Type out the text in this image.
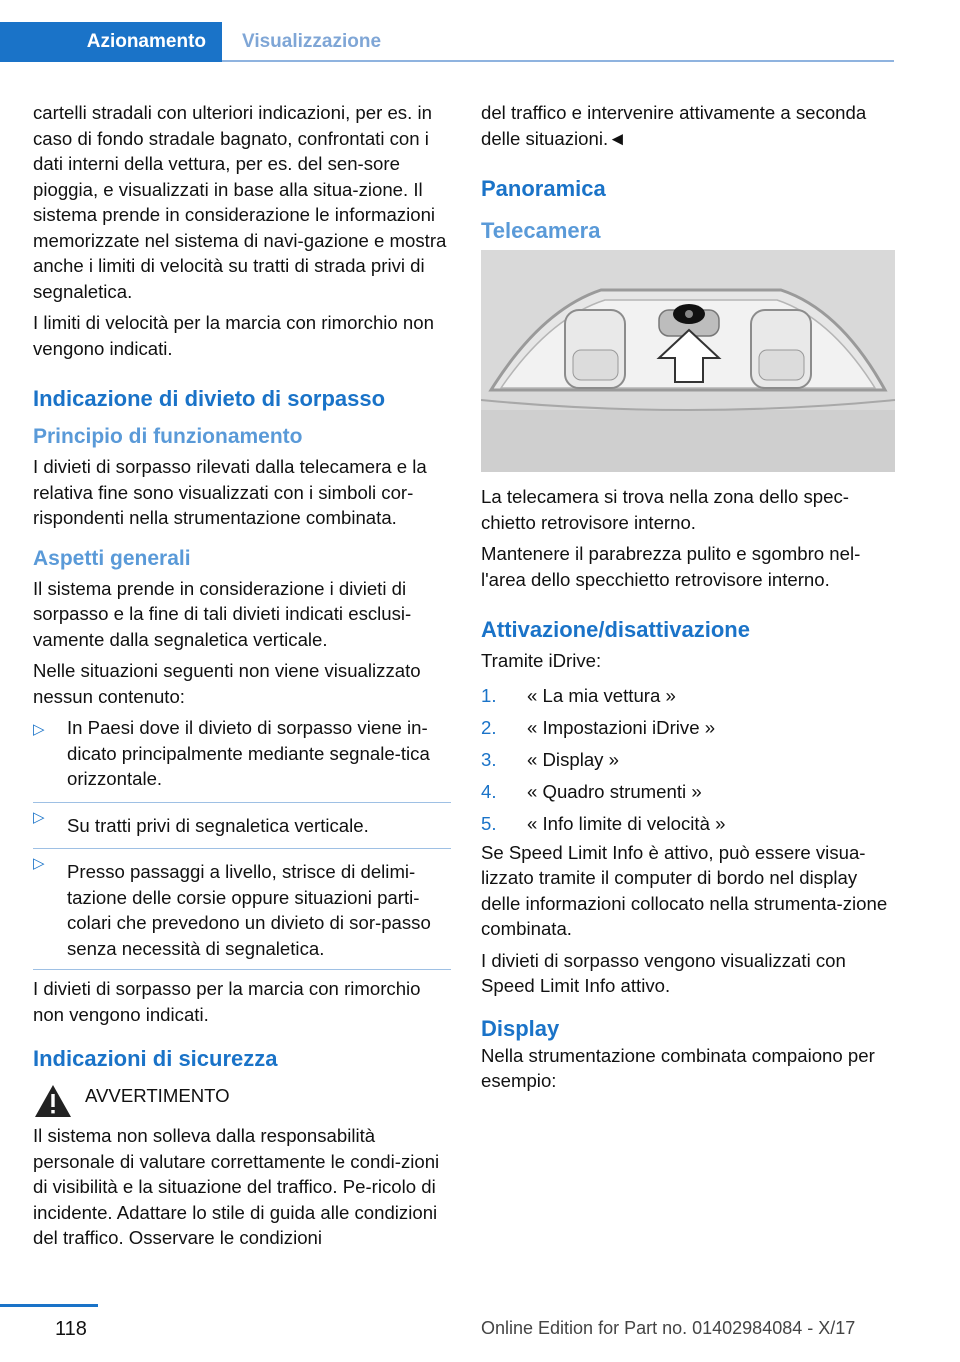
Azionamento	Visualizzazione

cartelli stradali con ulteriori indicazioni, per es. in caso di fondo stradale bagnato, confrontati con i dati interni della vettura, per es. del sen-sore pioggia, e visualizzati in base alla situa-zione. Il sistema prende in considerazione le informazioni memorizzate nel sistema di navi-gazione e mostra anche i limiti di velocità su tratti di strada privi di segnaletica.

I limiti di velocità per la marcia con rimorchio non vengono indicati.

Indicazione di divieto di sorpasso
Principio di funzionamento

I divieti di sorpasso rilevati dalla telecamera e la relativa fine sono visualizzati con i simboli cor-rispondenti nella strumentazione combinata.

Aspetti generali

Il sistema prende in considerazione i divieti di sorpasso e la fine di tali divieti indicati esclusi-vamente dalla segnaletica verticale.

Nelle situazioni seguenti non viene visualizzato nessun contenuto:

▷ In Paesi dove il divieto di sorpasso viene in-dicato principalmente mediante segnale-tica orizzontale.
▷ Su tratti privi di segnaletica verticale.
▷ Presso passaggi a livello, strisce di delimi-tazione delle corsie oppure situazioni parti-colari che prevedono un divieto di sor-passo senza necessità di segnaletica.

I divieti di sorpasso per la marcia con rimorchio non vengono indicati.

Indicazioni di sicurezza
AVVERTIMENTO

Il sistema non solleva dalla responsabilità personale di valutare correttamente le condi-zioni di visibilità e la situazione del traffico. Pe-ricolo di incidente. Adattare lo stile di guida alle condizioni del traffico. Osservare le condizioni

del traffico e intervenire attivamente a seconda delle situazioni.◄

Panoramica
Telecamera

La telecamera si trova nella zona dello spec-chietto retrovisore interno.

Mantenere il parabrezza pulito e sgombro nel-l'area dello specchietto retrovisore interno.

Attivazione/disattivazione

Tramite iDrive:

1. « La mia vettura »
2. « Impostazioni iDrive »
3. « Display »
4. « Quadro strumenti »
5. « Info limite di velocità »

Se Speed Limit Info è attivo, può essere visua-lizzato tramite il computer di bordo nel display delle informazioni collocato nella strumenta-zione combinata.

I divieti di sorpasso vengono visualizzati con Speed Limit Info attivo.

Display

Nella strumentazione combinata compaiono per esempio:

118	Online Edition for Part no. 01402984084 - X/17
